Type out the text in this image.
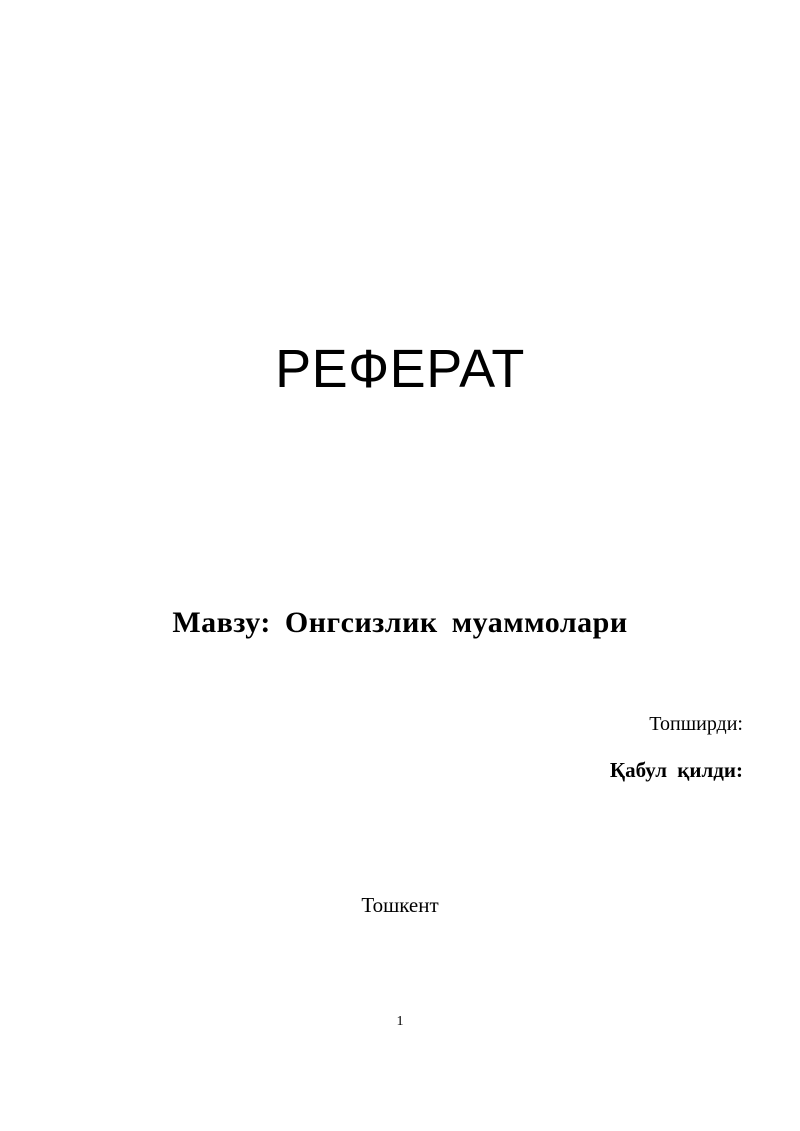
РЕФЕРАТ
Мавзу: Онгсизлик муаммолари
Топширди:
Қабул қилди:
Тошкент
1
